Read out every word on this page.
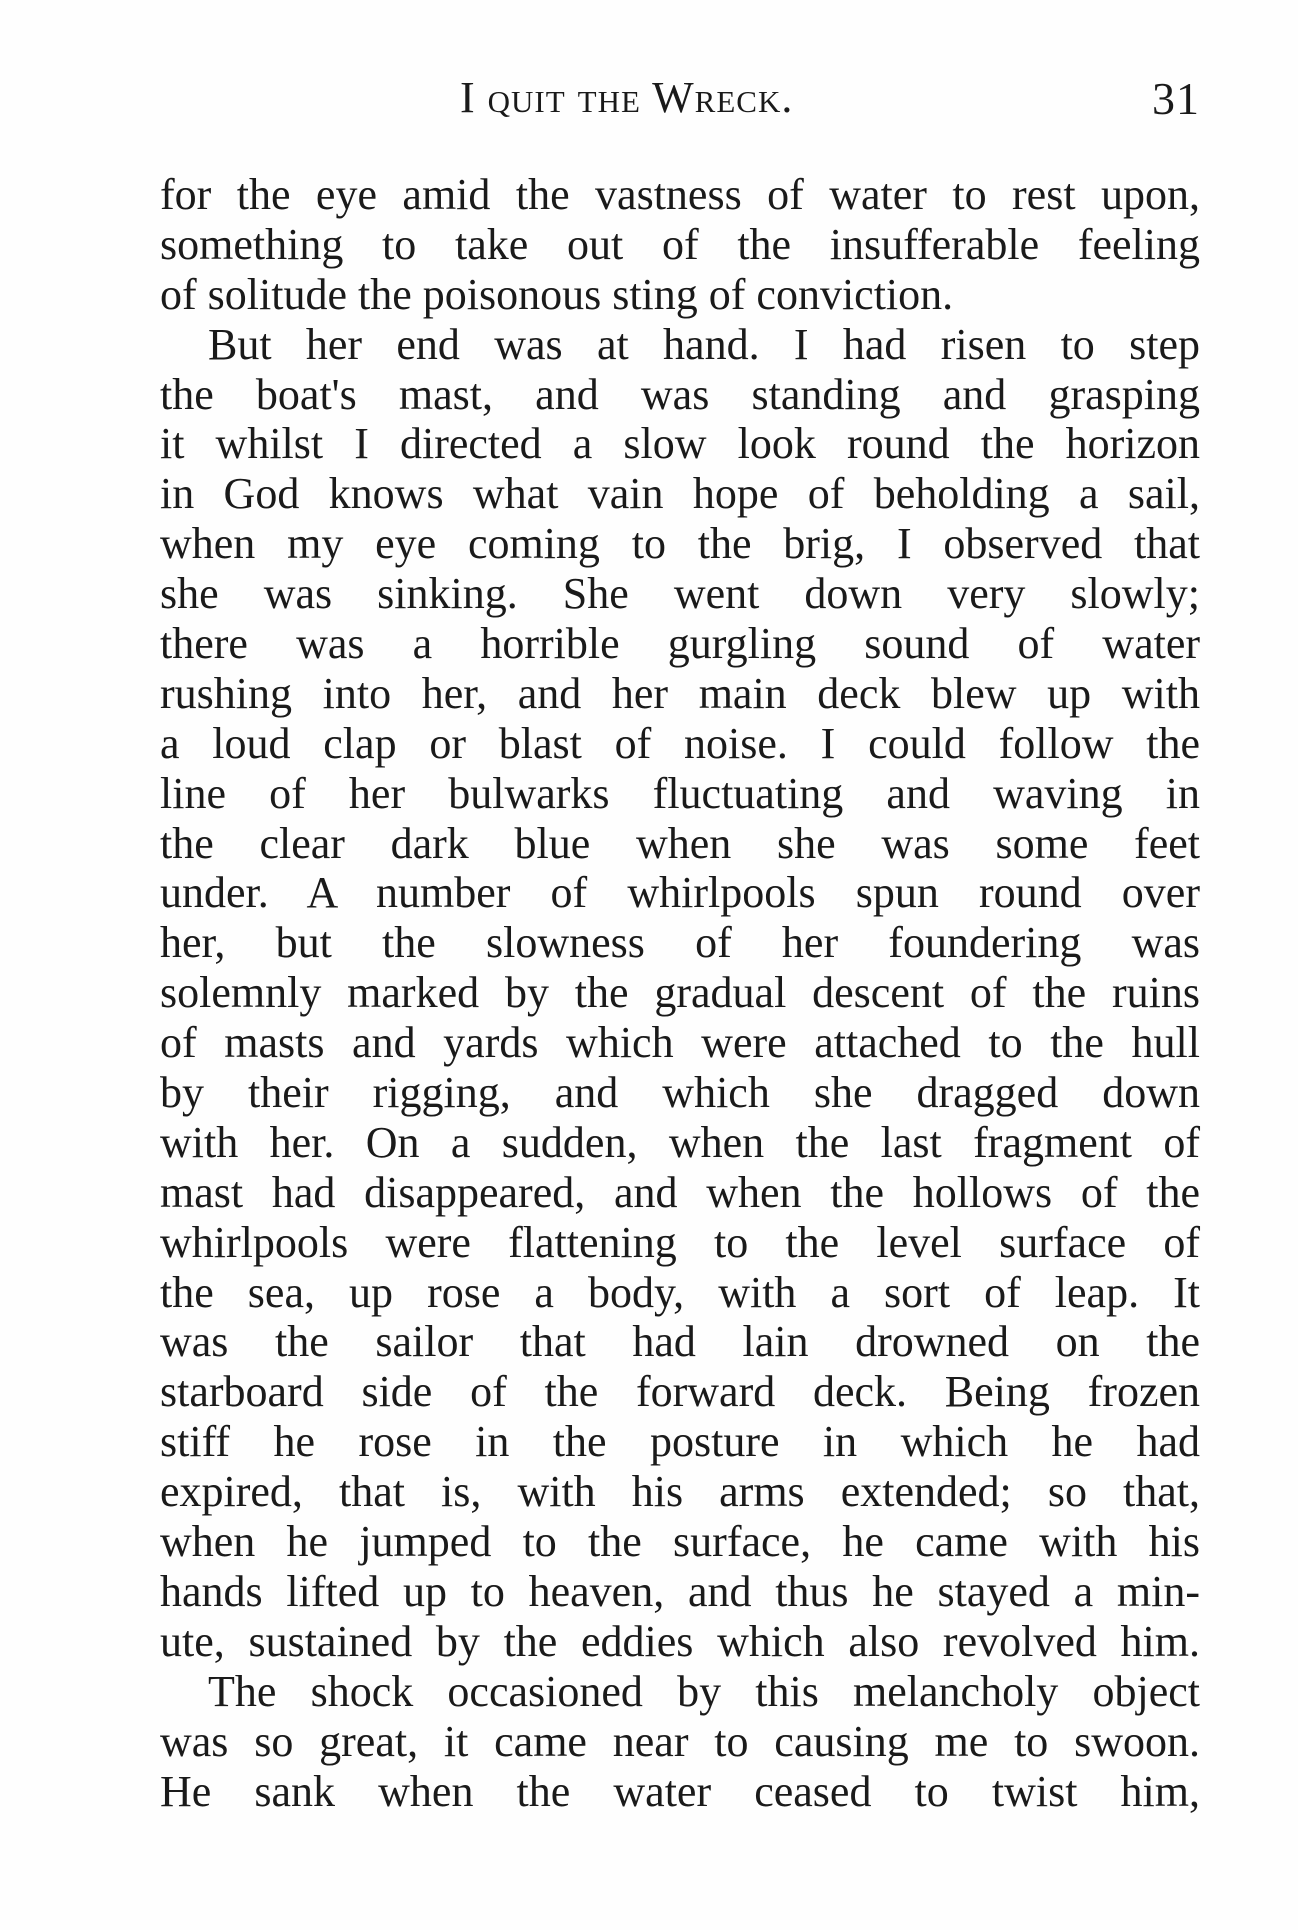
I quit the Wreck.	31
for the eye amid the vastness of water to rest upon,
something to take out of the insufferable feeling
of solitude the poisonous sting of conviction.
But her end was at hand. I had risen to step
the boat's mast, and was standing and grasping
it whilst I directed a slow look round the horizon
in God knows what vain hope of beholding a sail,
when my eye coming to the brig, I observed that
she was sinking. She went down very slowly;
there was a horrible gurgling sound of water
rushing into her, and her main deck blew up with
a loud clap or blast of noise. I could follow the
line of her bulwarks fluctuating and waving in
the clear dark blue when she was some feet
under. A number of whirlpools spun round over
her, but the slowness of her foundering was
solemnly marked by the gradual descent of the ruins
of masts and yards which were attached to the hull
by their rigging, and which she dragged down
with her. On a sudden, when the last fragment of
mast had disappeared, and when the hollows of the
whirlpools were flattening to the level surface of
the sea, up rose a body, with a sort of leap. It
was the sailor that had lain drowned on the
starboard side of the forward deck. Being frozen
stiff he rose in the posture in which he had
expired, that is, with his arms extended; so that,
when he jumped to the surface, he came with his
hands lifted up to heaven, and thus he stayed a min-
ute, sustained by the eddies which also revolved him.
The shock occasioned by this melancholy object
was so great, it came near to causing me to swoon.
He sank when the water ceased to twist him,
